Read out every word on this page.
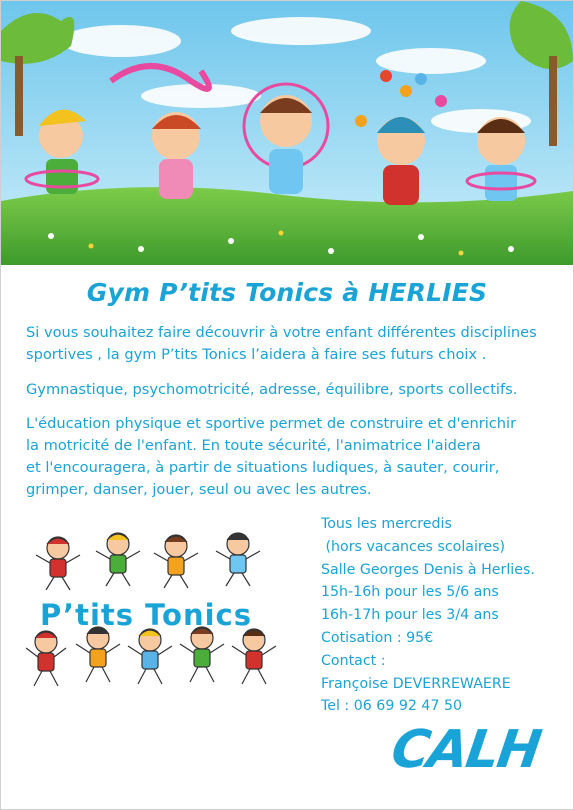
Gym P’tits Tonics à HERLIES
Si vous souhaitez faire découvrir à votre enfant différentes disciplines
sportives , la gym P’tits Tonics l’aidera à faire ses futurs choix .
Gymnastique, psychomotricité, adresse, équilibre, sports collectifs.
L'éducation physique et sportive permet de construire et d'enrichir
la motricité de l'enfant. En toute sécurité, l'animatrice l'aidera
et l'encouragera, à partir de situations ludiques, à sauter, courir,
grimper, danser, jouer, seul ou avec les autres.
P’tits Tonics
Tous les mercredis
(hors vacances scolaires)
Salle Georges Denis à Herlies.
15h-16h pour les 5/6 ans
16h-17h pour les 3/4 ans
Cotisation : 95€
Contact :
Françoise DEVERREWAERE
Tel : 06 69 92 47 50
CALH
